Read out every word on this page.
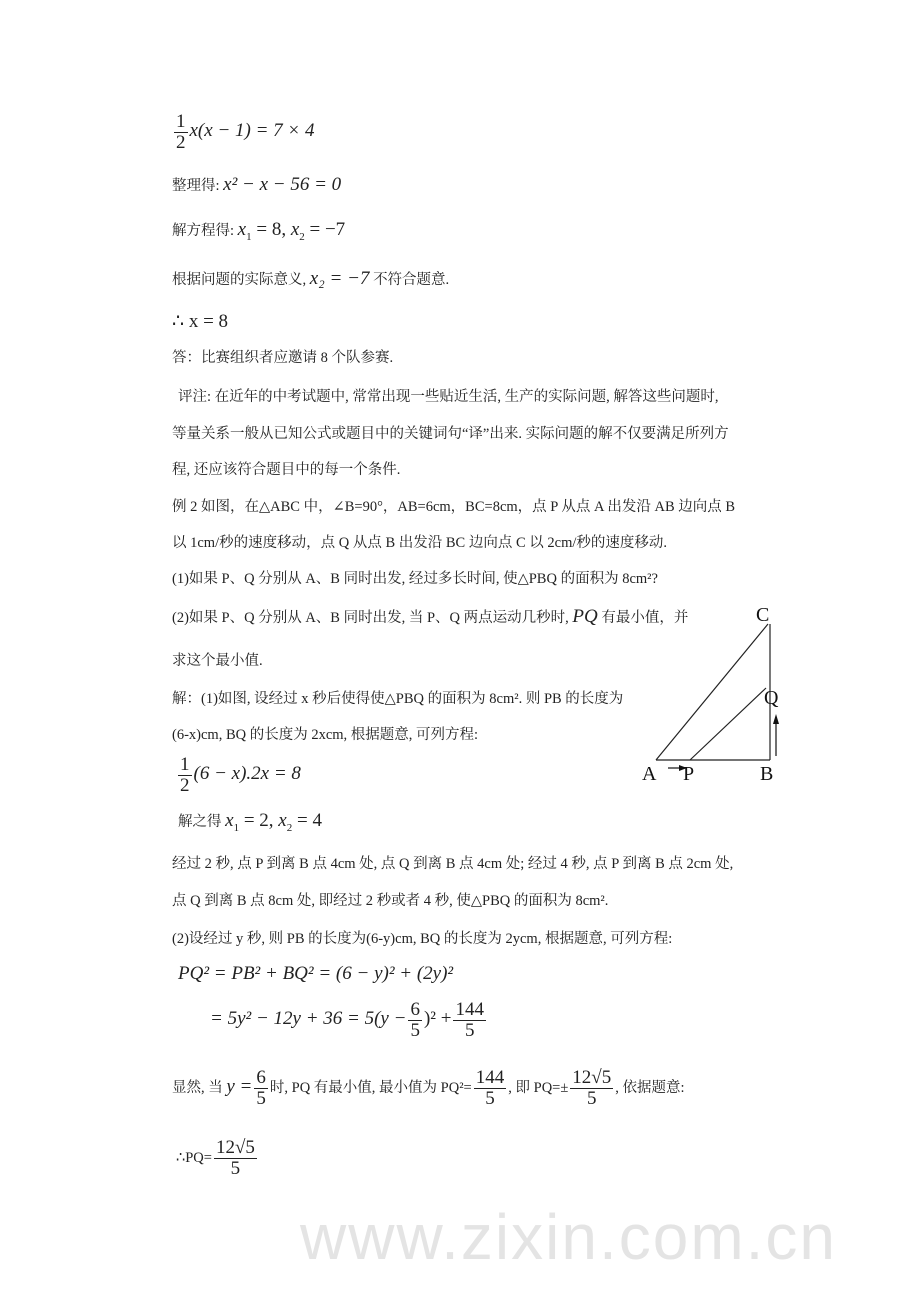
www.zixin.com.cn
$\frac{1}{2} x(x - 1) = 7 \times 4$
整理得: x² − x − 56 = 0
解方程得: $x_1 = 8$, $x_2 = -7$
根据问题的实际意义, x₂ = −7 不符合题意.
∴ x = 8
答：比赛组织者应邀请 8 个队参赛.
评注: 在近年的中考试题中, 常常出现一些贴近生活, 生产的实际问题, 解答这些问题时,
等量关系一般从已知公式或题目中的关键词句“译”出来. 实际问题的解不仅要满足所列方
程, 还应该符合题目中的每一个条件.
例 2 如图，在△ABC 中，∠B=90°，AB=6cm，BC=8cm，点 P 从点 A 出发沿 AB 边向点 B
以 1cm/秒的速度移动，点 Q 从点 B 出发沿 BC 边向点 C 以 2cm/秒的速度移动.
(1)如果 P、Q 分别从 A、B 同时出发, 经过多长时间, 使△PBQ 的面积为 8cm²?
(2)如果 P、Q 分别从 A、B 同时出发, 当 P、Q 两点运动几秒时, PQ 有最小值，并
求这个最小值.
解：(1)如图, 设经过 x 秒后使得使△PBQ 的面积为 8cm². 则 PB 的长度为
(6-x)cm, BQ 的长度为 2xcm, 根据题意, 可列方程:
$\frac{1}{2} (6 - x).2x = 8$
解之得 $x_1 = 2$, $x_2 = 4$
经过 2 秒, 点 P 到离 B 点 4cm 处, 点 Q 到离 B 点 4cm 处; 经过 4 秒, 点 P 到离 B 点 2cm 处,
点 Q 到离 B 点 8cm 处, 即经过 2 秒或者 4 秒, 使△PBQ 的面积为 8cm².
(2)设经过 y 秒, 则 PB 的长度为(6-y)cm, BQ 的长度为 2ycm, 根据题意, 可列方程:
PQ² = PB² + BQ² = (6 − y)² + (2y)²
= $5y^2 - 12y + 36 = 5(y - \frac{6}{5} )^2 + \frac{144}{5}$
显然, 当 $y = \frac{6}{5}$ 时, PQ 有最小值, 最小值为 $PQ^2= \frac{144}{5}$ , 即 $PQ=\pm \frac{12√5}{5}$ , 依据题意:
∴PQ= $\frac{12√5}{5}$
C
Q
A P	B
